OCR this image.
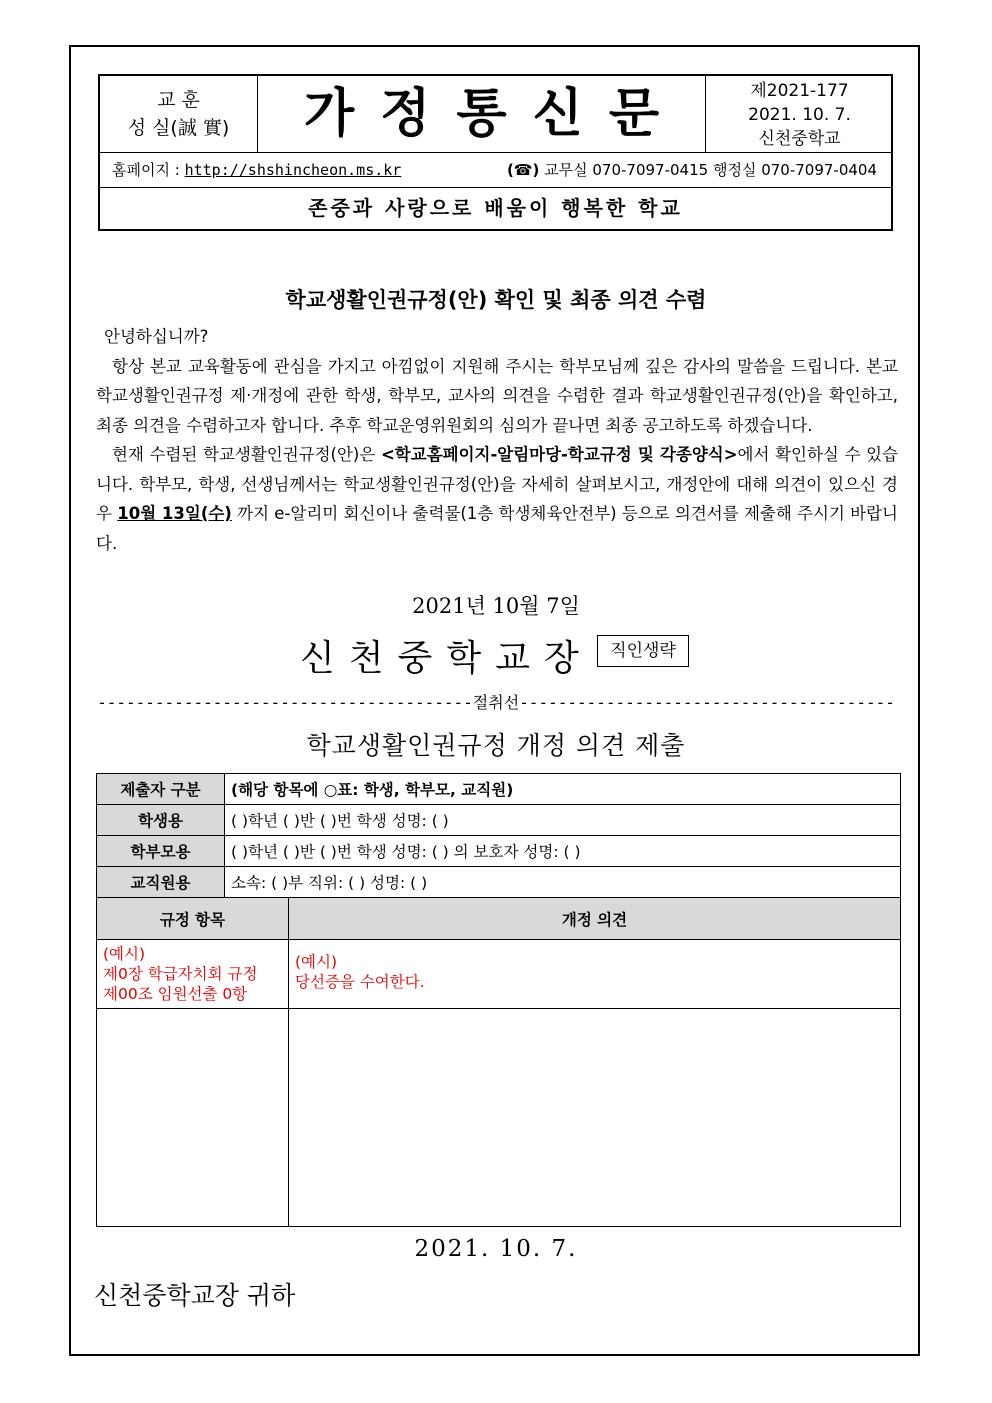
교 훈
성 실(誠 實)	가정통신문	제2021-177
2021. 10. 7.
신천중학교
홈페이지 : http://shshincheon.ms.kr	(☎) 교무실 070-7097-0415 행정실 070-7097-0404
존중과 사랑으로 배움이 행복한 학교
학교생활인권규정(안) 확인 및 최종 의견 수렴

안녕하십니까?

항상 본교 교육활동에 관심을 가지고 아낌없이 지원해 주시는 학부모님께 깊은 감사의 말씀을 드립니다. 본교 학교생활인권규정 제·개정에 관한 학생, 학부모, 교사의 의견을 수렴한 결과 학교생활인권규정(안)을 확인하고, 최종 의견을 수렴하고자 합니다. 추후 학교운영위원회의 심의가 끝나면 최종 공고하도록 하겠습니다.

현재 수렴된 학교생활인권규정(안)은 <학교홈페이지-알림마당-학교규정 및 각종양식>에서 확인하실 수 있습니다. 학부모, 학생, 선생님께서는 학교생활인권규정(안)을 자세히 살펴보시고, 개정안에 대해 의견이 있으신 경우 10월 13일(수) 까지 e-알리미 회신이나 출력물(1층 학생체육안전부) 등으로 의견서를 제출해 주시기 바랍니다.

2021년 10월 7일
신천중학교장	직인생략
---------------------------------------절취선---------------------------------------
학교생활인권규정 개정 의견 제출
제출자 구분	(해당 항목에 ○표: 학생, 학부모, 교직원)
학생용	( )학년 ( )반 ( )번 학생 성명: ( )
학부모용	( )학년 ( )반 ( )번 학생 성명: ( ) 의 보호자 성명: ( )
교직원용	소속: ( )부 직위: ( ) 성명: ( )
규정 항목	개정 의견

(예시)
제0장 학급자치회 규정
제00조 임원선출 0항	(예시)
당선증을 수여한다.

2021. 10. 7.
신천중학교장 귀하
